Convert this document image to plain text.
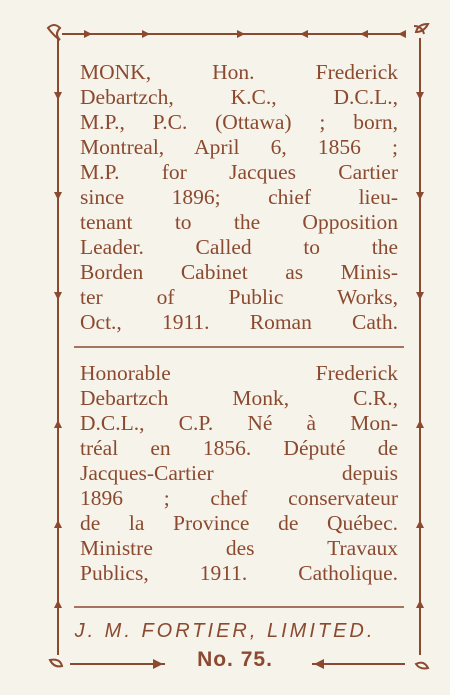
MONK, Hon. Frederick
Debartzch, K.C., D.C.L.,
M.P., P.C. (Ottawa) ; born,
Montreal, April 6, 1856 ;
M.P. for Jacques Cartier
since 1896; chief lieu-
tenant to the Opposition
Leader. Called to the
Borden Cabinet as Minis-
ter of Public Works,
Oct., 1911. Roman Cath.
Honorable Frederick
Debartzch Monk, C.R.,
D.C.L., C.P. Né à Mon-
tréal en 1856. Député de
Jacques-Cartier depuis
1896 ; chef conservateur
de la Province de Québec.
Ministre des Travaux
Publics, 1911. Catholique.
J. M. FORTIER, LIMITED.
No. 75.
